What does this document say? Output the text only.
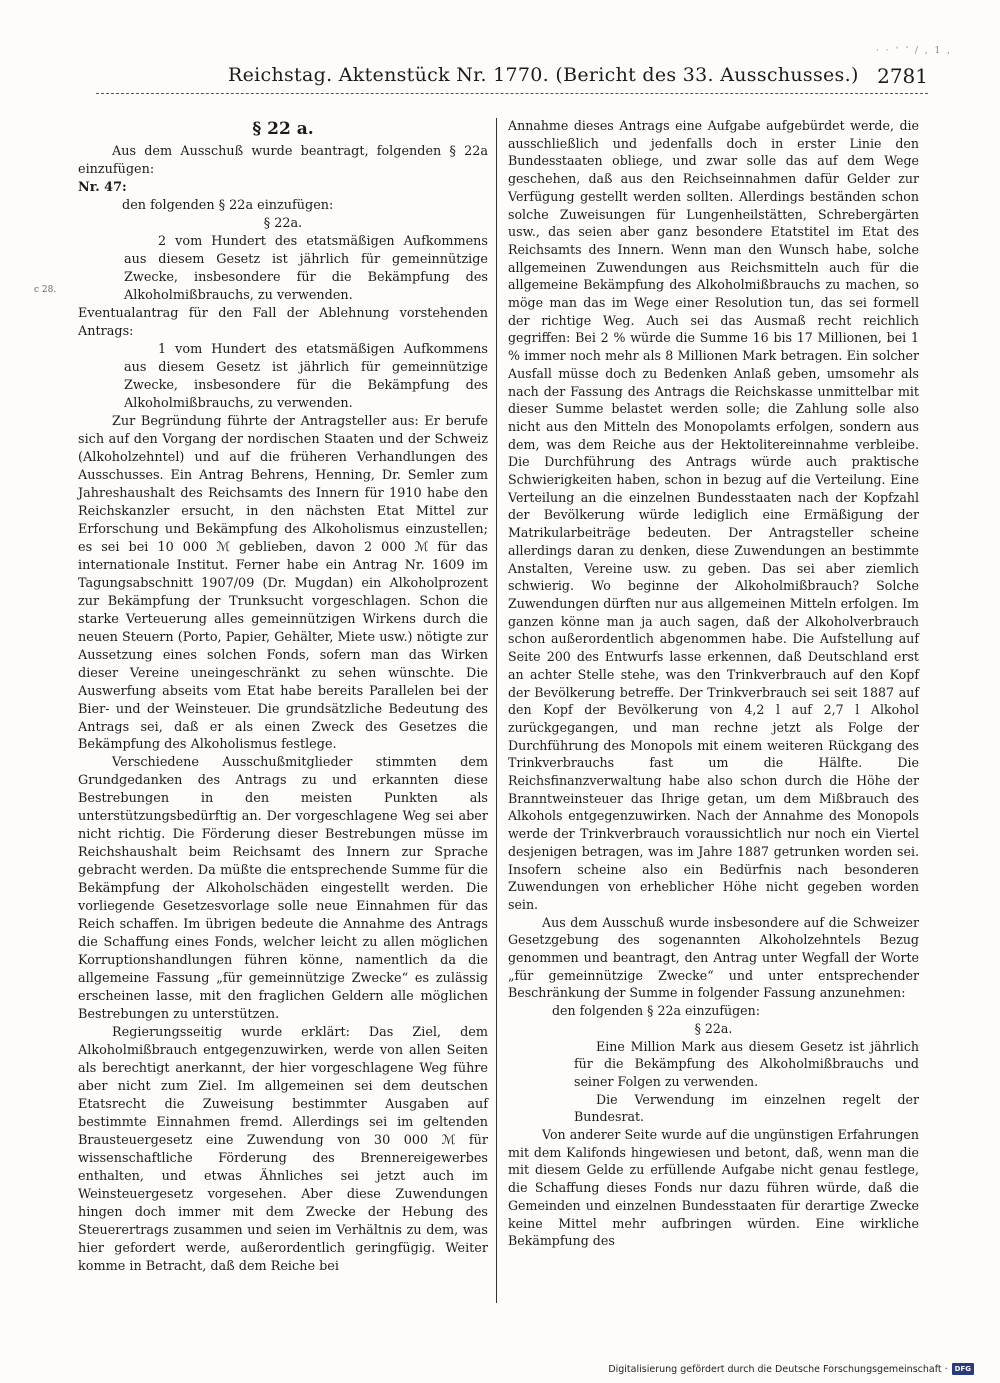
Reichstag. Aktenstück Nr. 1770. (Bericht des 33. Ausschusses.) 2781
· · ʻ ʼ / , 1 ,
c 28.

§ 22 a.

Aus dem Ausschuß wurde beantragt, folgenden § 22a einzufügen:

Nr. 47:

den folgenden § 22a einzufügen:

§ 22a.

2 vom Hundert des etatsmäßigen Aufkommens aus diesem Gesetz ist jährlich für gemeinnützige Zwecke, insbesondere für die Bekämpfung des Alkoholmißbrauchs, zu verwenden.

Eventualantrag für den Fall der Ablehnung vorstehenden Antrags:

1 vom Hundert des etatsmäßigen Aufkommens aus diesem Gesetz ist jährlich für gemeinnützige Zwecke, insbesondere für die Bekämpfung des Alkoholmißbrauchs, zu verwenden.

Zur Begründung führte der Antragsteller aus: Er berufe sich auf den Vorgang der nordischen Staaten und der Schweiz (Alkoholzehntel) und auf die früheren Verhandlungen des Ausschusses. Ein Antrag Behrens, Henning, Dr. Semler zum Jahreshaushalt des Reichsamts des Innern für 1910 habe den Reichskanzler ersucht, in den nächsten Etat Mittel zur Erforschung und Bekämpfung des Alkoholismus einzustellen; es sei bei 10 000 ℳ geblieben, davon 2 000 ℳ für das internationale Institut. Ferner habe ein Antrag Nr. 1609 im Tagungsabschnitt 1907/09 (Dr. Mugdan) ein Alkoholprozent zur Bekämpfung der Trunksucht vorgeschlagen. Schon die starke Verteuerung alles gemeinnützigen Wirkens durch die neuen Steuern (Porto, Papier, Gehälter, Miete usw.) nötigte zur Aussetzung eines solchen Fonds, sofern man das Wirken dieser Vereine uneingeschränkt zu sehen wünschte. Die Auswerfung abseits vom Etat habe bereits Parallelen bei der Bier- und der Weinsteuer. Die grundsätzliche Bedeutung des Antrags sei, daß er als einen Zweck des Gesetzes die Bekämpfung des Alkoholismus festlege.

Verschiedene Ausschußmitglieder stimmten dem Grundgedanken des Antrags zu und erkannten diese Bestrebungen in den meisten Punkten als unterstützungsbedürftig an. Der vorgeschlagene Weg sei aber nicht richtig. Die Förderung dieser Bestrebungen müsse im Reichshaushalt beim Reichsamt des Innern zur Sprache gebracht werden. Da müßte die entsprechende Summe für die Bekämpfung der Alkoholschäden eingestellt werden. Die vorliegende Gesetzesvorlage solle neue Einnahmen für das Reich schaffen. Im übrigen bedeute die Annahme des Antrags die Schaffung eines Fonds, welcher leicht zu allen möglichen Korruptionshandlungen führen könne, namentlich da die allgemeine Fassung „für gemeinnützige Zwecke“ es zulässig erscheinen lasse, mit den fraglichen Geldern alle möglichen Bestrebungen zu unterstützen.

Regierungsseitig wurde erklärt: Das Ziel, dem Alkoholmißbrauch entgegenzuwirken, werde von allen Seiten als berechtigt anerkannt, der hier vorgeschlagene Weg führe aber nicht zum Ziel. Im allgemeinen sei dem deutschen Etatsrecht die Zuweisung bestimmter Ausgaben auf bestimmte Einnahmen fremd. Allerdings sei im geltenden Brausteuergesetz eine Zuwendung von 30 000 ℳ für wissenschaftliche Förderung des Brennereigewerbes enthalten, und etwas Ähnliches sei jetzt auch im Weinsteuergesetz vorgesehen. Aber diese Zuwendungen hingen doch immer mit dem Zwecke der Hebung des Steuerertrags zusammen und seien im Verhältnis zu dem, was hier gefordert werde, außerordentlich geringfügig. Weiter komme in Betracht, daß dem Reiche bei

Annahme dieses Antrags eine Aufgabe aufgebürdet werde, die ausschließlich und jedenfalls doch in erster Linie den Bundesstaaten obliege, und zwar solle das auf dem Wege geschehen, daß aus den Reichseinnahmen dafür Gelder zur Verfügung gestellt werden sollten. Allerdings beständen schon solche Zuweisungen für Lungenheilstätten, Schrebergärten usw., das seien aber ganz besondere Etatstitel im Etat des Reichsamts des Innern. Wenn man den Wunsch habe, solche allgemeinen Zuwendungen aus Reichsmitteln auch für die allgemeine Bekämpfung des Alkoholmißbrauchs zu machen, so möge man das im Wege einer Resolution tun, das sei formell der richtige Weg. Auch sei das Ausmaß recht reichlich gegriffen: Bei 2 % würde die Summe 16 bis 17 Millionen, bei 1 % immer noch mehr als 8 Millionen Mark betragen. Ein solcher Ausfall müsse doch zu Bedenken Anlaß geben, umsomehr als nach der Fassung des Antrags die Reichskasse unmittelbar mit dieser Summe belastet werden solle; die Zahlung solle also nicht aus den Mitteln des Monopolamts erfolgen, sondern aus dem, was dem Reiche aus der Hektolitereinnahme verbleibe. Die Durchführung des Antrags würde auch praktische Schwierigkeiten haben, schon in bezug auf die Verteilung. Eine Verteilung an die einzelnen Bundesstaaten nach der Kopfzahl der Bevölkerung würde lediglich eine Ermäßigung der Matrikularbeiträge bedeuten. Der Antragsteller scheine allerdings daran zu denken, diese Zuwendungen an bestimmte Anstalten, Vereine usw. zu geben. Das sei aber ziemlich schwierig. Wo beginne der Alkoholmißbrauch? Solche Zuwendungen dürften nur aus allgemeinen Mitteln erfolgen. Im ganzen könne man ja auch sagen, daß der Alkoholverbrauch schon außerordentlich abgenommen habe. Die Aufstellung auf Seite 200 des Entwurfs lasse erkennen, daß Deutschland erst an achter Stelle stehe, was den Trinkverbrauch auf den Kopf der Bevölkerung betreffe. Der Trinkverbrauch sei seit 1887 auf den Kopf der Bevölkerung von 4,2 l auf 2,7 l Alkohol zurückgegangen, und man rechne jetzt als Folge der Durchführung des Monopols mit einem weiteren Rückgang des Trinkverbrauchs fast um die Hälfte. Die Reichsfinanzverwaltung habe also schon durch die Höhe der Branntweinsteuer das Ihrige getan, um dem Mißbrauch des Alkohols entgegenzuwirken. Nach der Annahme des Monopols werde der Trinkverbrauch voraussichtlich nur noch ein Viertel desjenigen betragen, was im Jahre 1887 getrunken worden sei. Insofern scheine also ein Bedürfnis nach besonderen Zuwendungen von erheblicher Höhe nicht gegeben worden sein.

Aus dem Ausschuß wurde insbesondere auf die Schweizer Gesetzgebung des sogenannten Alkoholzehntels Bezug genommen und beantragt, den Antrag unter Wegfall der Worte „für gemeinnützige Zwecke“ und unter entsprechender Beschränkung der Summe in folgender Fassung anzunehmen:

den folgenden § 22a einzufügen:

§ 22a.

Eine Million Mark aus diesem Gesetz ist jährlich für die Bekämpfung des Alkoholmißbrauchs und seiner Folgen zu verwenden.

Die Verwendung im einzelnen regelt der Bundesrat.

Von anderer Seite wurde auf die ungünstigen Erfahrungen mit dem Kalifonds hingewiesen und betont, daß, wenn man die mit diesem Gelde zu erfüllende Aufgabe nicht genau festlege, die Schaffung dieses Fonds nur dazu führen würde, daß die Gemeinden und einzelnen Bundesstaaten für derartige Zwecke keine Mittel mehr aufbringen würden. Eine wirkliche Bekämpfung des

Digitalisierung gefördert durch die Deutsche Forschungsgemeinschaft ·	DFG
